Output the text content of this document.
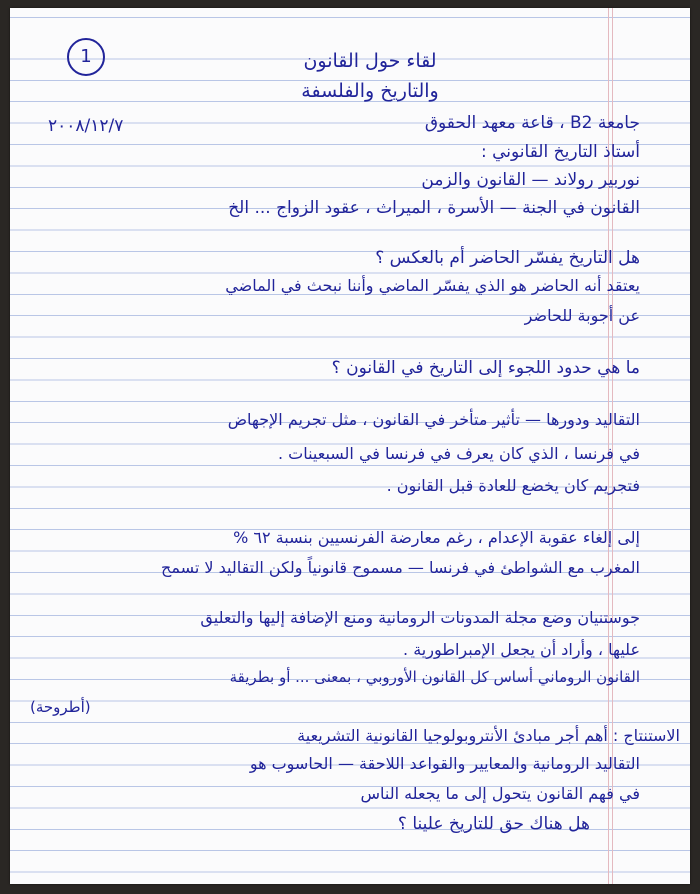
1	لقاء حول القانون
والتاريخ والفلسفة
٢٠٠٨/١٢/٧	جامعة B2 ، قاعة معهد الحقوق
أستاذ التاريخ القانوني :
نوربير رولاند — القانون والزمن
القانون في الجنة — الأسرة ، الميراث ، عقود الزواج ... الخ
هل التاريخ يفسّر الحاضر أم بالعكس ؟
يعتقد أنه الحاضر هو الذي يفسّر الماضي وأننا نبحث في الماضي
عن أجوبة للحاضر
ما هي حدود اللجوء إلى التاريخ في القانون ؟
التقاليد ودورها — تأثير متأخر في القانون ، مثل تجريم الإجهاض
في فرنسا ، الذي كان يعرف في فرنسا في السبعينات .
فتجريم كان يخضع للعادة قبل القانون .
إلى إلغاء عقوبة الإعدام ، رغم معارضة الفرنسيين بنسبة ٦٢ %
المغرب مع الشواطئ في فرنسا — مسموح قانونياً ولكن التقاليد لا تسمح
جوستنيان وضع مجلة المدونات الرومانية ومنع الإضافة إليها والتعليق
عليها ، وأراد أن يجعل الإمبراطورية .
القانون الروماني أساس كل القانون الأوروبي ، بمعنى ... أو بطريقة
(أطروحة)
الاستنتاج : أهم أجر مبادئ الأنتروبولوجيا القانونية التشريعية
التقاليد الرومانية والمعايير والقواعد اللاحقة — الحاسوب هو
في فهم القانون يتحول إلى ما يجعله الناس
هل هناك حق للتاريخ علينا ؟
